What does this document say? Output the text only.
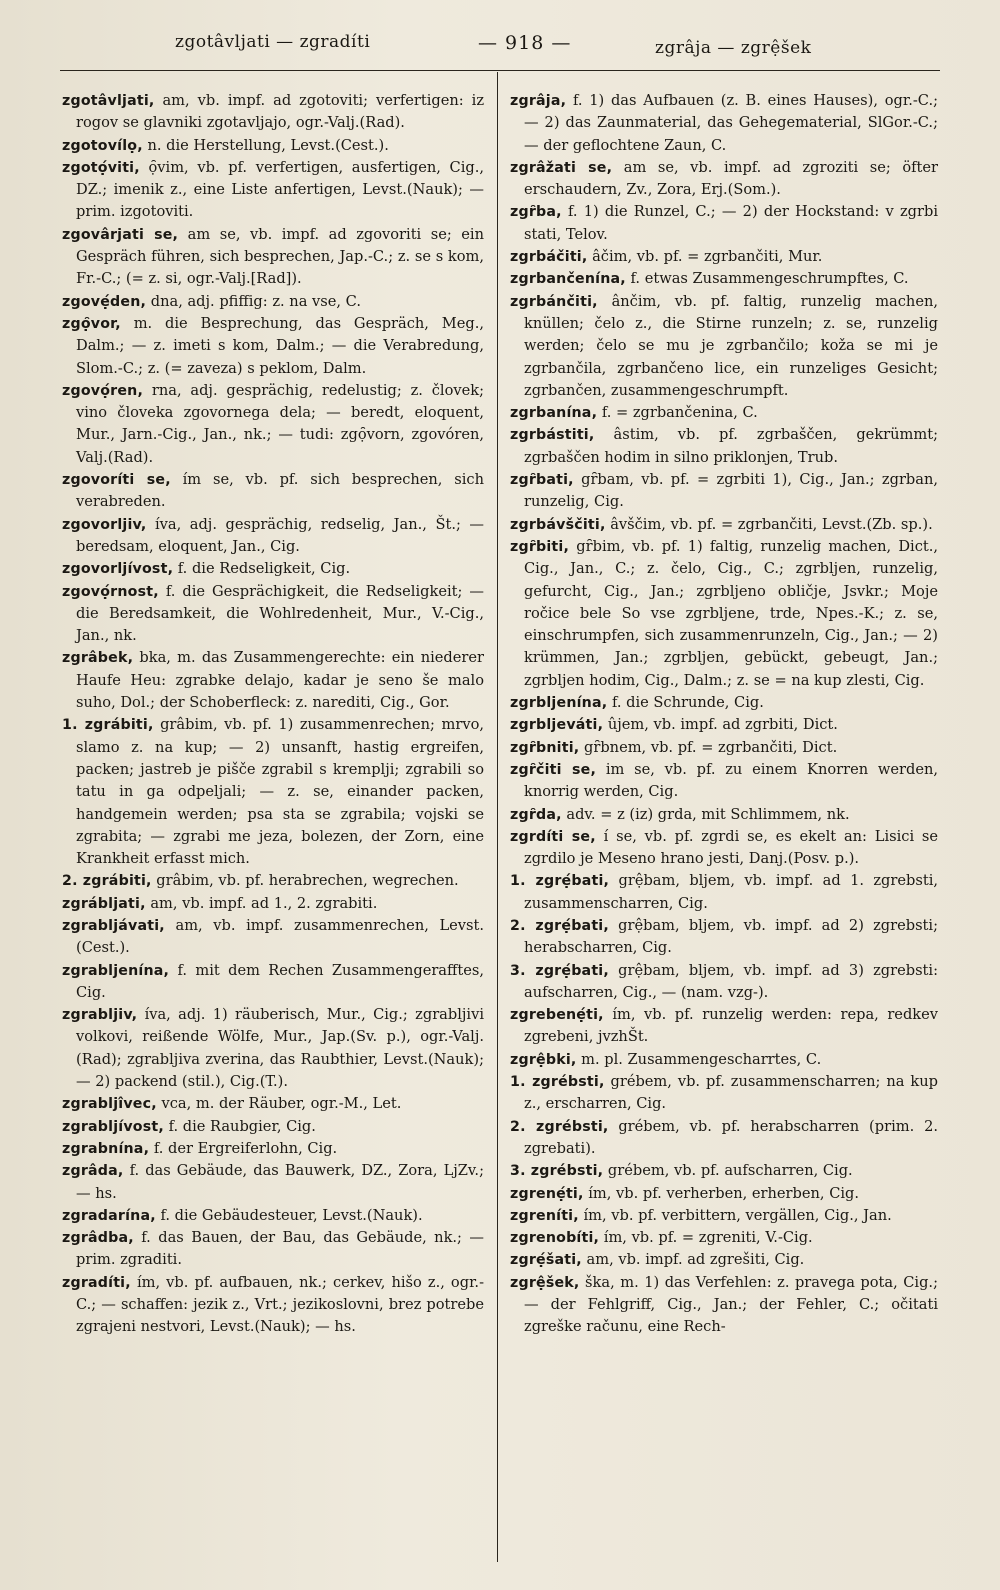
zgotâvljati — zgradíti	— 918 —	zgrâja — zgrệšek
zgotâvljati, am, vb. impf. ad zgotoviti; verfertigen: iz rogov se glavniki zgotavljajo, ogr.-Valj.(Rad).
zgotovílọ, n. die Herstellung, Levst.(Cest.).
zgotọ́viti, ọ̑vim, vb. pf. verfertigen, ausfertigen, Cig., DZ.; imenik z., eine Liste anfertigen, Levst.(Nauk); — prim. izgotoviti.
zgovârjati se, am se, vb. impf. ad zgovoriti se; ein Gespräch führen, sich besprechen, Jap.-C.; z. se s kom, Fr.-C.; (= z. si, ogr.-Valj.[Rad]).
zgovẹ́den, dna, adj. pfiffig: z. na vse, C.
zgọ̑vor, m. die Besprechung, das Gespräch, Meg., Dalm.; — z. imeti s kom, Dalm.; — die Verabredung, Slom.-C.; z. (= zaveza) s peklom, Dalm.
zgovọ́ren, rna, adj. gesprächig, redelustig; z. človek; vino človeka zgovornega dela; — beredt, eloquent, Mur., Jarn.-Cig., Jan., nk.; — tudi: zgọ̑vorn, zgovóren, Valj.(Rad).
zgovoríti se, ím se, vb. pf. sich besprechen, sich verabreden.
zgovorljiv, íva, adj. gesprächig, redselig, Jan., Št.; — beredsam, eloquent, Jan., Cig.
zgovorljívost, f. die Redseligkeit, Cig.
zgovọ́rnost, f. die Gesprächigkeit, die Redseligkeit; — die Beredsamkeit, die Wohlredenheit, Mur., V.-Cig., Jan., nk.
zgrâbek, bka, m. das Zusammengerechte: ein niederer Haufe Heu: zgrabke delajo, kadar je seno še malo suho, Dol.; der Schoberfleck: z. narediti, Cig., Gor.
1. zgrábiti, grâbim, vb. pf. 1) zusammenrechen; mrvo, slamo z. na kup; — 2) unsanft, hastig ergreifen, packen; jastreb je pišče zgrabil s kremplji; zgrabili so tatu in ga odpeljali; — z. se, einander packen, handgemein werden; psa sta se zgrabila; vojski se zgrabita; — zgrabi me jeza, bolezen, der Zorn, eine Krankheit erfasst mich.
2. zgrábiti, grâbim, vb. pf. herabrechen, wegrechen.
zgrábljati, am, vb. impf. ad 1., 2. zgrabiti.
zgrabljávati, am, vb. impf. zusammenrechen, Levst.(Cest.).
zgrabljenína, f. mit dem Rechen Zusammengerafftes, Cig.
zgrabljiv, íva, adj. 1) räuberisch, Mur., Cig.; zgrabljivi volkovi, reißende Wölfe, Mur., Jap.(Sv. p.), ogr.-Valj.(Rad); zgrabljiva zverina, das Raubthier, Levst.(Nauk); — 2) packend (stil.), Cig.(T.).
zgrabljîvec, vca, m. der Räuber, ogr.-M., Let.
zgrabljívost, f. die Raubgier, Cig.
zgrabnína, f. der Ergreiferlohn, Cig.
zgrâda, f. das Gebäude, das Bauwerk, DZ., Zora, LjZv.; — hs.
zgradarína, f. die Gebäudesteuer, Levst.(Nauk).
zgrâdba, f. das Bauen, der Bau, das Gebäude, nk.; — prim. zgraditi.
zgradíti, ím, vb. pf. aufbauen, nk.; cerkev, hišo z., ogr.-C.; — schaffen: jezik z., Vrt.; jezikoslovni, brez potrebe zgrajeni nestvori, Levst.(Nauk); — hs.
zgrâja, f. 1) das Aufbauen (z. B. eines Hauses), ogr.-C.; — 2) das Zaunmaterial, das Gehegematerial, SlGor.-C.; — der geflochtene Zaun, C.
zgrâžati se, am se, vb. impf. ad zgroziti se; öfter erschaudern, Zv., Zora, Erj.(Som.).
zgȓba, f. 1) die Runzel, C.; — 2) der Hockstand: v zgrbi stati, Telov.
zgrbáčiti, âčim, vb. pf. = zgrbančiti, Mur.
zgrbančenína, f. etwas Zusammengeschrumpftes, C.
zgrbánčiti, ânčim, vb. pf. faltig, runzelig machen, knüllen; čelo z., die Stirne runzeln; z. se, runzelig werden; čelo se mu je zgrbančilo; koža se mi je zgrbančila, zgrbančeno lice, ein runzeliges Gesicht; zgrbančen, zusammengeschrumpft.
zgrbanína, f. = zgrbančenina, C.
zgrbástiti, âstim, vb. pf. zgrbaščen, gekrümmt; zgrbaščen hodim in silno priklonjen, Trub.
zgȓbati, gȓbam, vb. pf. = zgrbiti 1), Cig., Jan.; zgrban, runzelig, Cig.
zgrbávščiti, âvščim, vb. pf. = zgrbančiti, Levst.(Zb. sp.).
zgȓbiti, gȓbim, vb. pf. 1) faltig, runzelig machen, Dict., Cig., Jan., C.; z. čelo, Cig., C.; zgrbljen, runzelig, gefurcht, Cig., Jan.; zgrbljeno obličje, Jsvkr.; Moje ročice bele So vse zgrbljene, trde, Npes.-K.; z. se, einschrumpfen, sich zusammenrunzeln, Cig., Jan.; — 2) krümmen, Jan.; zgrbljen, gebückt, gebeugt, Jan.; zgrbljen hodim, Cig., Dalm.; z. se = na kup zlesti, Cig.
zgrbljenína, f. die Schrunde, Cig.
zgrbljeváti, ûjem, vb. impf. ad zgrbiti, Dict.
zgȓbniti, gȓbnem, vb. pf. = zgrbančiti, Dict.
zgȓčiti se, im se, vb. pf. zu einem Knorren werden, knorrig werden, Cig.
zgȓda, adv. = z (iz) grda, mit Schlimmem, nk.
zgrdíti se, í se, vb. pf. zgrdi se, es ekelt an: Lisici se zgrdilo je Meseno hrano jesti, Danj.(Posv. p.).
1. zgrẹ́bati, grệbam, bljem, vb. impf. ad 1. zgrebsti, zusammenscharren, Cig.
2. zgrẹ́bati, grệbam, bljem, vb. impf. ad 2) zgrebsti; herabscharren, Cig.
3. zgrẹ́bati, grệbam, bljem, vb. impf. ad 3) zgrebsti: aufscharren, Cig., — (nam. vzg-).
zgrebenẹ́ti, ím, vb. pf. runzelig werden: repa, redkev zgrebeni, jvzhŠt.
zgrệbki, m. pl. Zusammengescharrtes, C.
1. zgrébsti, grébem, vb. pf. zusammenscharren; na kup z., erscharren, Cig.
2. zgrébsti, grébem, vb. pf. herabscharren (prim. 2. zgrebati).
3. zgrébsti, grébem, vb. pf. aufscharren, Cig.
zgrenẹ́ti, ím, vb. pf. verherben, erherben, Cig.
zgreníti, ím, vb. pf. verbittern, vergällen, Cig., Jan.
zgrenobíti, ím, vb. pf. = zgreniti, V.-Cig.
zgrẹ́šati, am, vb. impf. ad zgrešiti, Cig.
zgrệšek, ška, m. 1) das Verfehlen: z. pravega pota, Cig.; — der Fehlgriff, Cig., Jan.; der Fehler, C.; očitati zgreške računu, eine Rech-
